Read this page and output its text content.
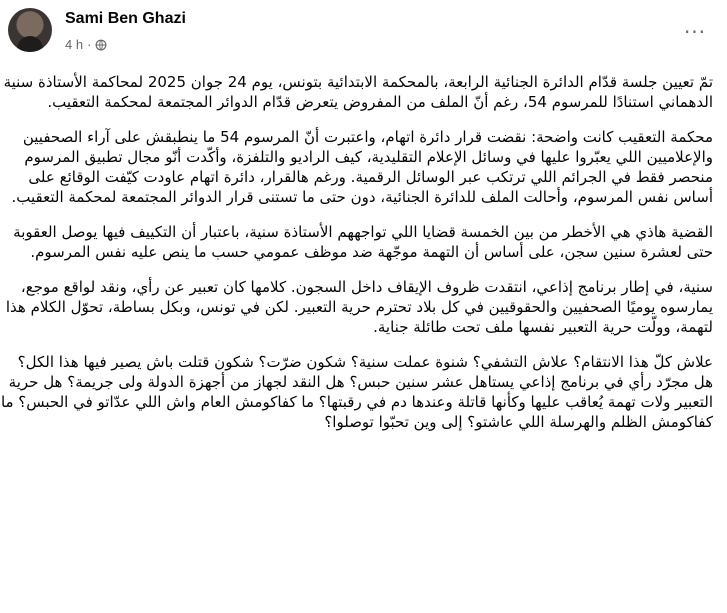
Sami Ben Ghazi
4 h ·
···

تمّ تعيين جلسة قدّام الدائرة الجنائية الرابعة، بالمحكمة الابتدائية بتونس، يوم 24 جوان 2025 لمحاكمة الأستاذة سنية الدهماني استنادًا للمرسوم 54، رغم أنّ الملف من المفروض يتعرض قدّام الدوائر المجتمعة لمحكمة التعقيب.

محكمة التعقيب كانت واضحة: نقضت قرار دائرة اتهام، واعتبرت أنّ المرسوم 54 ما ينطبقش على آراء الصحفيين والإعلاميين اللي يعبّروا عليها في وسائل الإعلام التقليدية، كيف الراديو والتلفزة، وأكّدت أنّو مجال تطبيق المرسوم منحصر فقط في الجرائم اللي ترتكب عبر الوسائل الرقمية. ورغم هالقرار، دائرة اتهام عاودت كيّفت الوقائع على أساس نفس المرسوم، وأحالت الملف للدائرة الجنائية، دون حتى ما تستنى قرار الدوائر المجتمعة لمحكمة التعقيب.

القضية هاذي هي الأخطر من بين الخمسة قضايا اللي تواجههم الأستاذة سنية، باعتبار أن التكييف فيها يوصل العقوبة حتى لعشرة سنين سجن، على أساس أن التهمة موجّهة ضد موظف عمومي حسب ما ينص عليه نفس المرسوم.

سنية، في إطار برنامج إذاعي، انتقدت ظروف الإيقاف داخل السجون. كلامها كان تعبير عن رأي، ونقد لواقع موجع، يمارسوه يوميًا الصحفيين والحقوقيين في كل بلاد تحترم حرية التعبير. لكن في تونس، وبكل بساطة، تحوّل الكلام هذا لتهمة، وولّت حرية التعبير نفسها ملف تحت طائلة جناية.

علاش كلّ هذا الانتقام؟ علاش التشفي؟ شنوة عملت سنية؟ شكون ضرّت؟ شكون قتلت باش يصير فيها هذا الكل؟ هل مجرّد رأي في برنامج إذاعي يستاهل عشر سنين حبس؟ هل النقد لجهاز من أجهزة الدولة ولى جريمة؟ هل حرية التعبير ولات تهمة يُعاقب عليها وكأنها قاتلة وعندها دم في رقبتها؟ ما كفاكومش العام واش اللي عدّاتو في الحبس؟ ما كفاكومش الظلم والهرسلة اللي عاشتو؟ إلى وين تحبّوا توصلوا؟
